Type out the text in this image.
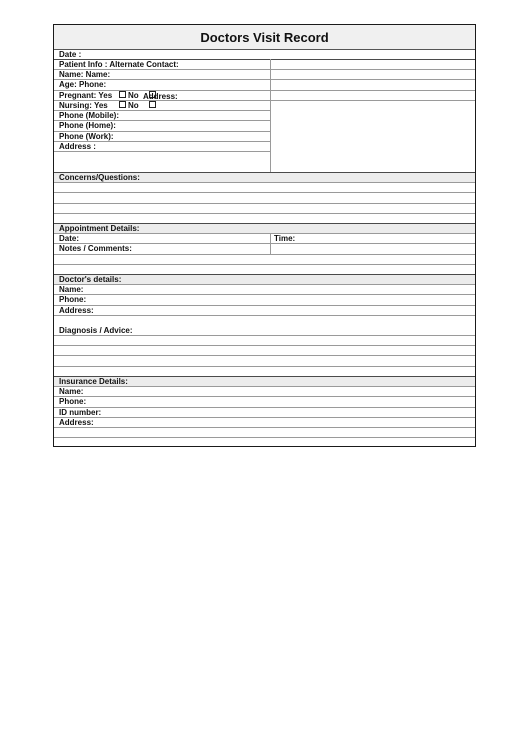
Doctors Visit Record
Date :
Patient Info : Alternate Contact:
Name: Name:
Age: Phone:
Pregnant: Yes No Address:
Nursing: Yes	No
Phone (Mobile):
Phone (Home):
Phone (Work):
Address :
Concerns/Questions:
Appointment Details:
Date:	Time:
Notes / Comments:
Doctor's details:
Name:
Phone:
Address:
Diagnosis / Advice:
Insurance Details:
Name:
Phone:
ID number:
Address:
